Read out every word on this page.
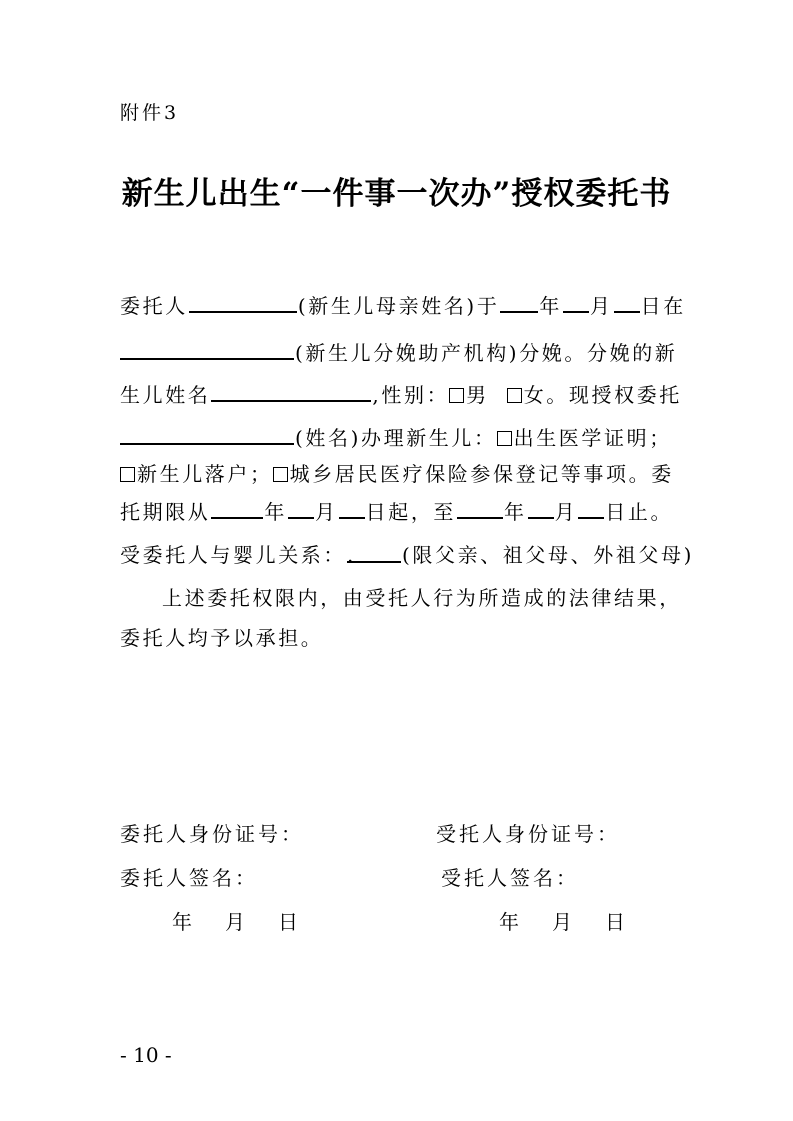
附件3
新生儿出生“一件事一次办”授权委托书
委托人	(新生儿母亲姓名)于 年 月 日在
(新生儿分娩助产机构)分娩。分娩的新
生儿姓名	,性别： 男 女。现授权委托
(姓名)办理新生儿： 出生医学证明；
新生儿落户； 城乡居民医疗保险参保登记等事项。委
托期限从	年 月 日起，至 年 月 日止。
受委托人与婴儿关系：. (限父亲、祖父母、外祖父母)
上述委托权限内，由受托人行为所造成的法律结果，
委托人均予以承担。
委托人身份证号：	受托人身份证号：
委托人签名：	受托人签名：
年 月 日	年 月 日
- 10 -
